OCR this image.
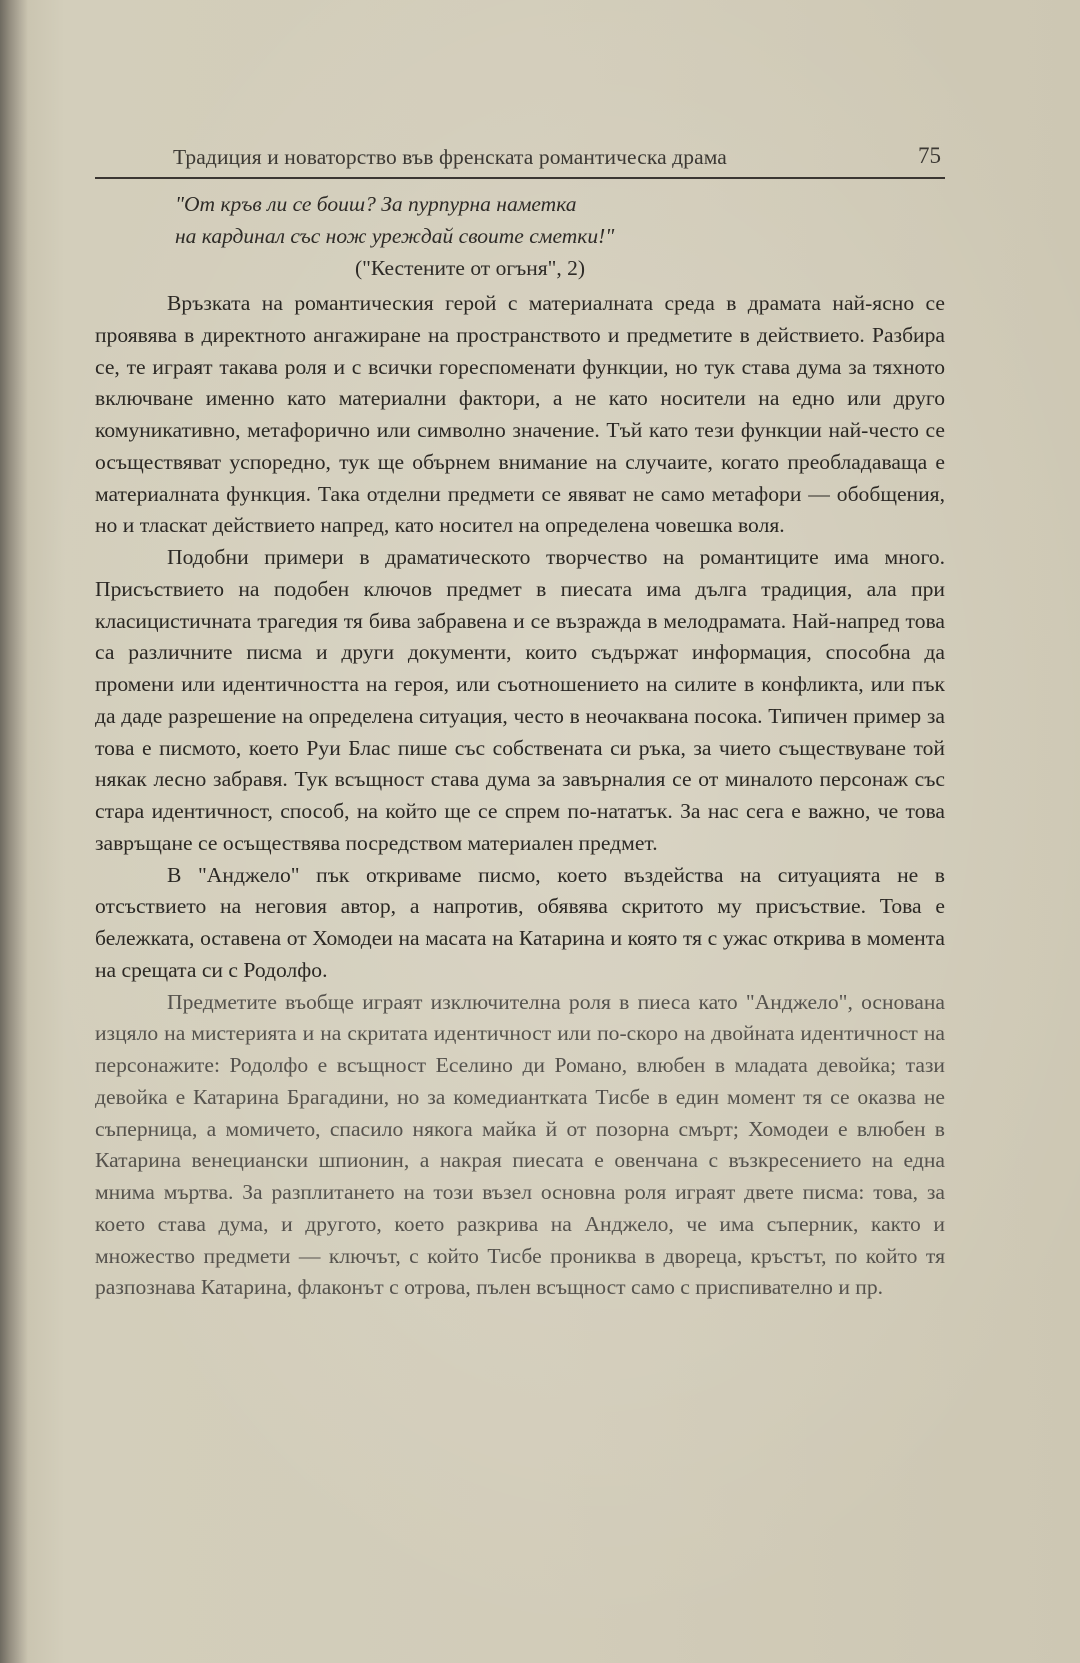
Традиция и новаторство във френската романтическа драма	75
"От кръв ли се боиш? За пурпурна наметка
на кардинал със нож уреждай своите сметки!"
("Кестените от огъня", 2)

Връзката на романтическия герой с материалната среда в драмата най-ясно се проявява в директното ангажиране на пространството и предметите в действието. Разбира се, те играят такава роля и с всички гореспоменати функции, но тук става дума за тяхното включване именно като материални фактори, а не като носители на едно или друго комуникативно, метафорично или символно значение. Тъй като тези функции най-често се осъществяват успоредно, тук ще обърнем внимание на случаите, когато преобладаваща е материалната функция. Така отделни предмети се явяват не само метафори — обобщения, но и тласкат действието напред, като носител на определена човешка воля.

Подобни примери в драматическото творчество на романтиците има много. Присъствието на подобен ключов предмет в пиесата има дълга традиция, ала при класицистичната трагедия тя бива забравена и се възражда в мелодрамата. Най-напред това са различните писма и други документи, които съдържат информация, способна да промени или идентичността на героя, или съотношението на силите в конфликта, или пък да даде разрешение на определена ситуация, често в неочаквана посока. Типичен пример за това е писмото, което Руи Блас пише със собствената си ръка, за чието съществуване той някак лесно забравя. Тук всъщност става дума за завърналия се от миналото персонаж със стара идентичност, способ, на който ще се спрем по-нататък. За нас сега е важно, че това завръщане се осъществява посредством материален предмет.

В "Анджело" пък откриваме писмо, което въздейства на ситуацията не в отсъствието на неговия автор, а напротив, обявява скритото му присъствие. Това е бележката, оставена от Хомодеи на масата на Катарина и която тя с ужас открива в момента на срещата си с Родолфо.

Предметите въобще играят изключителна роля в пиеса като "Анджело", основана изцяло на мистерията и на скритата идентичност или по-скоро на двойната идентичност на персонажите: Родолфо е всъщност Еселино ди Романо, влюбен в младата девойка; тази девойка е Катарина Брагадини, но за комедиантката Тисбе в един момент тя се оказва не съперница, а момичето, спасило някога майка й от позорна смърт; Хомодеи е влюбен в Катарина венециански шпионин, а накрая пиесата е овенчана с възкресението на една мнима мъртва. За разплитането на този възел основна роля играят двете писма: това, за което става дума, и другото, което разкрива на Анджело, че има съперник, както и множество предмети — ключът, с който Тисбе прониква в двореца, кръстът, по който тя разпознава Катарина, флаконът с отрова, пълен всъщност само с приспивателно и пр.
